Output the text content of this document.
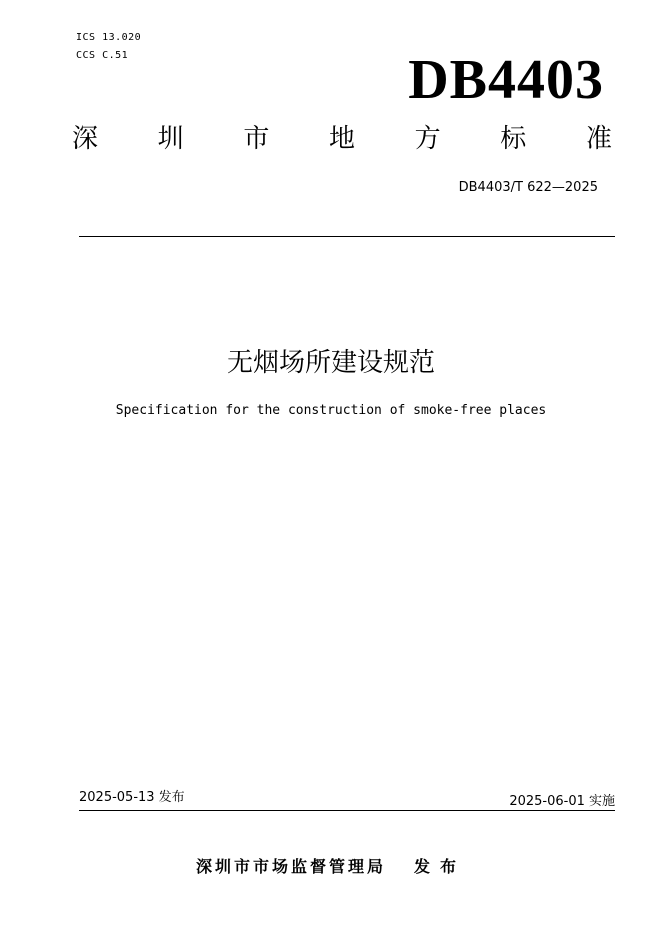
ICS 13.020
CCS C.51	DB4403
深 圳 市 地 方 标 准
DB4403/T 622—2025
无烟场所建设规范
Specification for the construction of smoke-free places
2025-05-13 发布	2025-06-01 实施
深圳市市场监督管理局 发布
